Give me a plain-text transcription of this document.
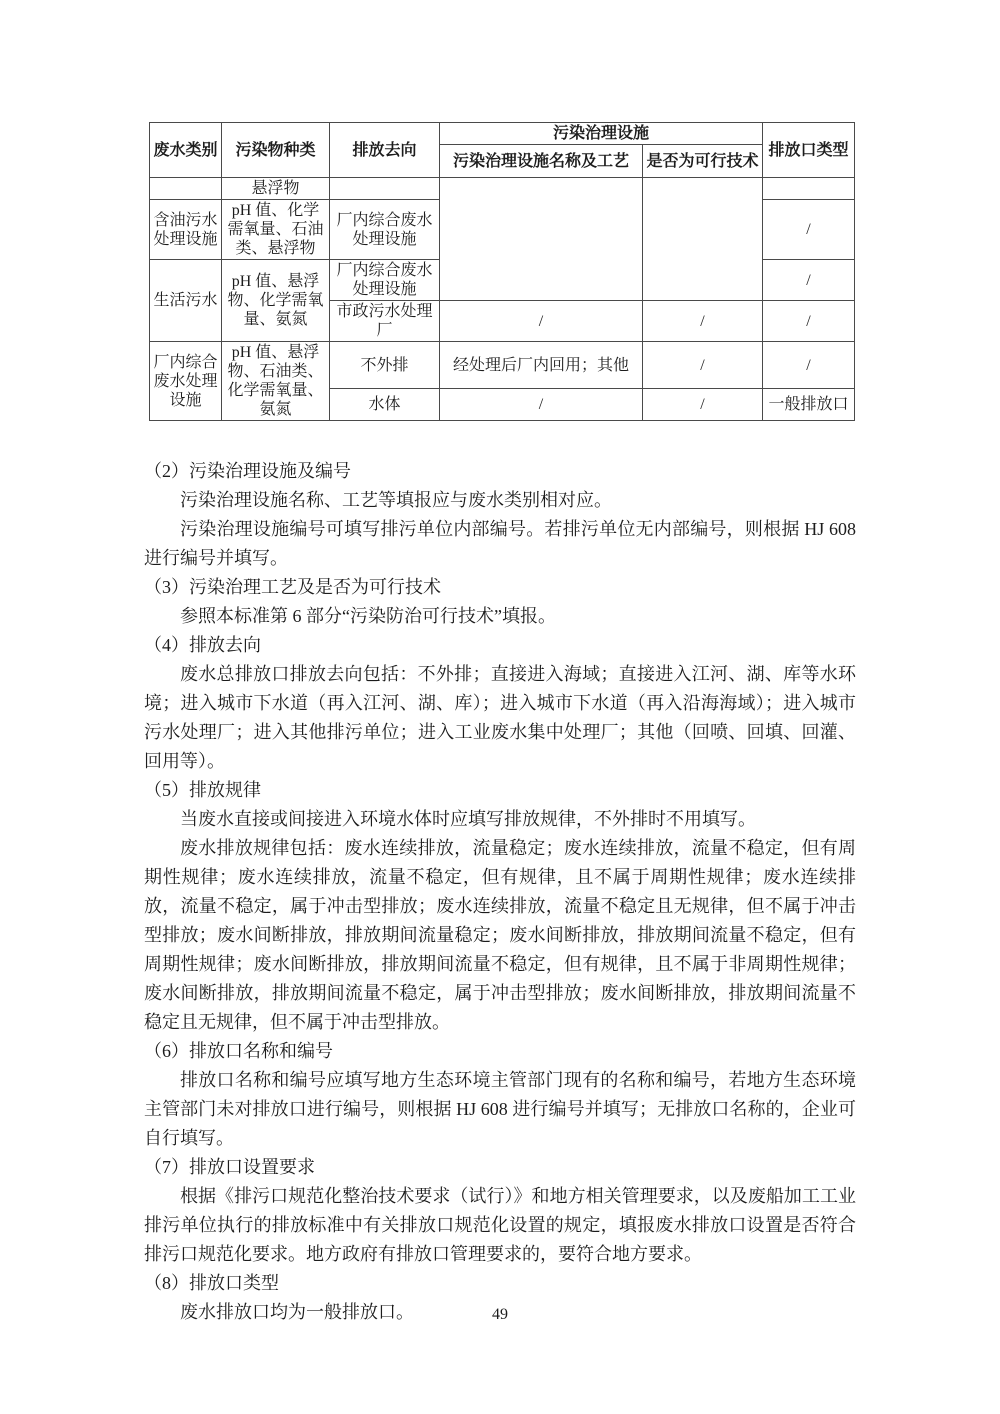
废水类别	污染物种类	排放去向	污染治理设施		排放口类型
			污染治理设施名称及工艺	是否为可行技术	
	悬浮物				
含油污水处理设施	pH 值、化学需氧量、石油类、悬浮物	厂内综合废水处理设施			/
生活污水	pH 值、悬浮物、化学需氧量、氨氮	厂内综合废水处理设施			/
		市政污水处理厂	/	/	/
厂内综合废水处理设施	pH 值、悬浮物、石油类、化学需氧量、氨氮	不外排	经处理后厂内回用；其他	/	/
		水体	/	/	一般排放口
（2）污染治理设施及编号

污染治理设施名称、工艺等填报应与废水类别相对应。

污染治理设施编号可填写排污单位内部编号。若排污单位无内部编号，则根据 HJ 608 进行编号并填写。

（3）污染治理工艺及是否为可行技术

参照本标准第 6 部分“污染防治可行技术”填报。

（4）排放去向

废水总排放口排放去向包括：不外排；直接进入海域；直接进入江河、湖、库等水环境；进入城市下水道（再入江河、湖、库）；进入城市下水道（再入沿海海域）；进入城市污水处理厂；进入其他排污单位；进入工业废水集中处理厂；其他（回喷、回填、回灌、回用等）。

（5）排放规律

当废水直接或间接进入环境水体时应填写排放规律，不外排时不用填写。

废水排放规律包括：废水连续排放，流量稳定；废水连续排放，流量不稳定，但有周期性规律；废水连续排放，流量不稳定，但有规律，且不属于周期性规律；废水连续排放，流量不稳定，属于冲击型排放；废水连续排放，流量不稳定且无规律，但不属于冲击型排放；废水间断排放，排放期间流量稳定；废水间断排放，排放期间流量不稳定，但有周期性规律；废水间断排放，排放期间流量不稳定，但有规律，且不属于非周期性规律；废水间断排放，排放期间流量不稳定，属于冲击型排放；废水间断排放，排放期间流量不稳定且无规律，但不属于冲击型排放。

（6）排放口名称和编号

排放口名称和编号应填写地方生态环境主管部门现有的名称和编号，若地方生态环境主管部门未对排放口进行编号，则根据 HJ 608 进行编号并填写；无排放口名称的，企业可自行填写。

（7）排放口设置要求

根据《排污口规范化整治技术要求（试行）》和地方相关管理要求，以及废船加工工业排污单位执行的排放标准中有关排放口规范化设置的规定，填报废水排放口设置是否符合排污口规范化要求。地方政府有排放口管理要求的，要符合地方要求。

（8）排放口类型

废水排放口均为一般排放口。	49
